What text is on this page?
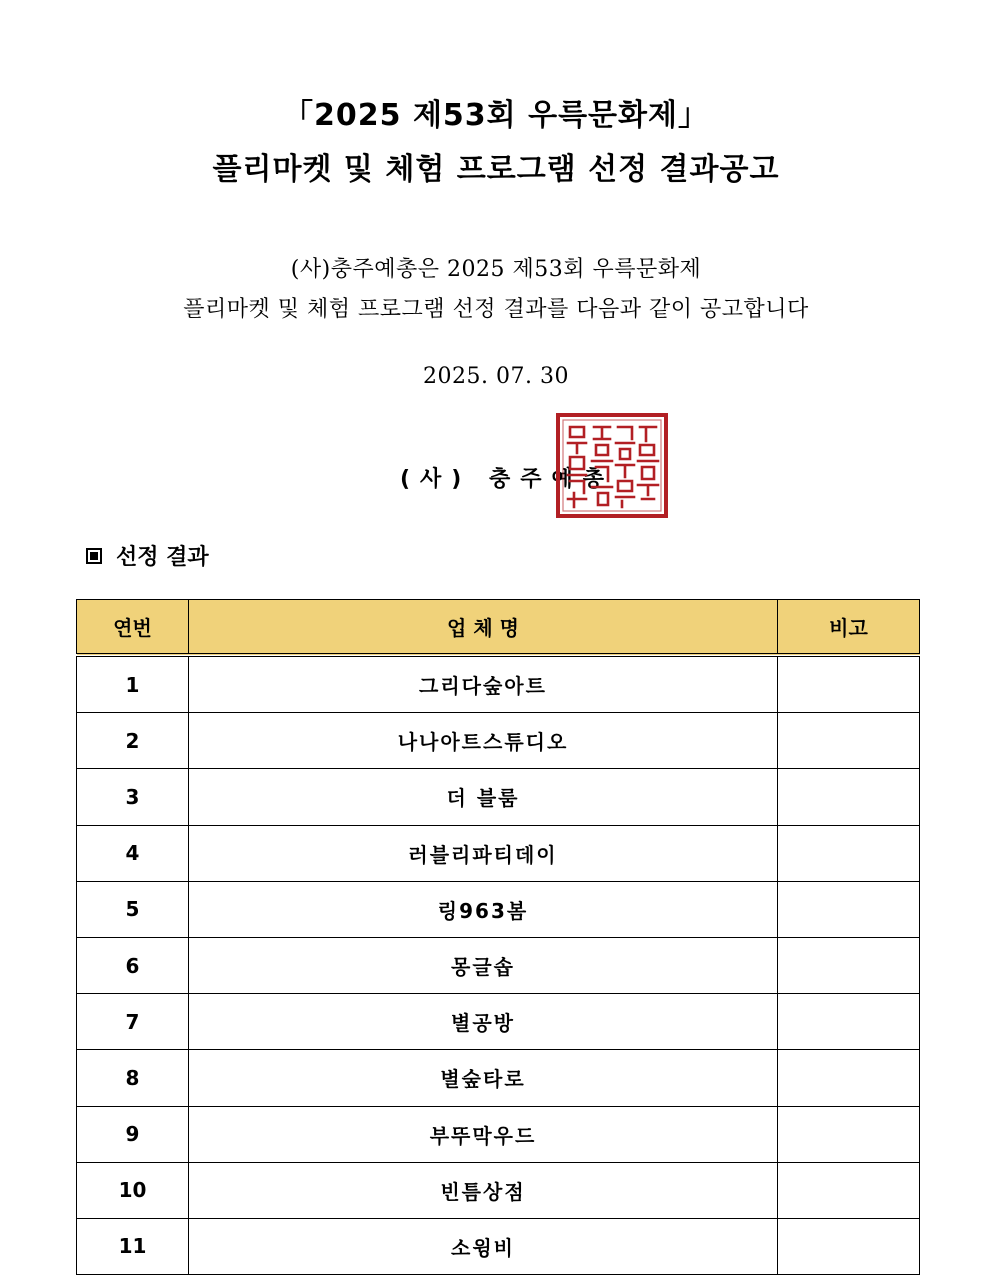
「2025 제53회 우륵문화제」
플리마켓 및 체험 프로그램 선정 결과공고
(사)충주예총은 2025 제53회 우륵문화제
플리마켓 및 체험 프로그램 선정 결과를 다음과 같이 공고합니다
2025. 07. 30
(사) 충주예총
선정 결과
연번	업 체 명	비고
1	그리다숲아트	
2	나나아트스튜디오	
3	더 블룸	
4	러블리파티데이	
5	링963봄	
6	몽글솝	
7	별공방	
8	별숲타로	
9	부뚜막우드	
10	빈틈상점	
11	소윙비	
